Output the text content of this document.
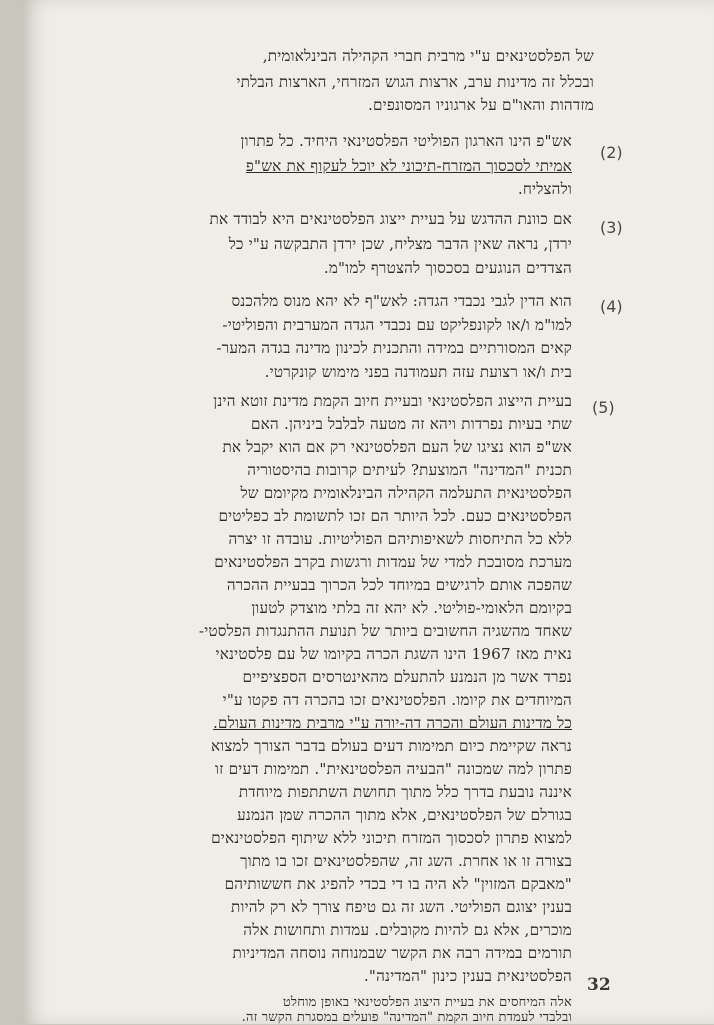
של הפלסטינאים ע"י מרבית חברי הקהילה הבינלאומית,
ובכלל זה מדינות ערב, ארצות הגוש המזרחי, הארצות הבלתי
מזדהות והאו"ם על ארגוניו המסונפים.
(2)
אש"פ הינו הארגון הפוליטי הפלסטינאי היחיד. כל פתרון
אמיתי לסכסוך המזרח-תיכוני לא יוכל לעקוף את אש"פ
ולהצליח.
(3)
אם כוונת ההדגש על בעיית ייצוג הפלסטינאים היא לבודד את
ירדן, נראה שאין הדבר מצליח, שכן ירדן התבקשה ע"י כל
הצדדים הנוגעים בסכסוך להצטרף למו"מ.
(4)
הוא הדין לגבי נכבדי הגדה: לאש"ף לא יהא מנוס מלהכנס
למו"מ ו/או לקונפליקט עם נכבדי הגדה המערבית והפוליטי-
קאים המסורתיים במידה והתכנית לכינון מדינה בגדה המער-
בית ו/או רצועת עזה תעמודנה בפני מימוש קונקרטי.
(5)
בעיית הייצוג הפלסטינאי ובעיית חיוב הקמת מדינת זוטא הינן
שתי בעיות נפרדות ויהא זה מטעה לבלבל ביניהן. האם
אש"פ הוא נציגו של העם הפלסטינאי רק אם הוא יקבל את
תכנית "המדינה" המוצעת? לעיתים קרובות בהיסטוריה
הפלסטינאית התעלמה הקהילה הבינלאומית מקיומם של
הפלסטינאים כעם. לכל היותר הם זכו לתשומת לב כפליטים
ללא כל התיחסות לשאיפותיהם הפוליטיות. עובדה זו יצרה
מערכת מסובכת למדי של עמדות ורגשות בקרב הפלסטינאים
שהפכה אותם לרגישים במיוחד לכל הכרוך בבעיית ההכרה
בקיומם הלאומי-פוליטי. לא יהא זה בלתי מוצדק לטעון
שאחד מהשגיה החשובים ביותר של תנועת ההתנגדות הפלסטי-
נאית מאז 1967 הינו השגת הכרה בקיומו של עם פלסטינאי
נפרד אשר מן הנמנע להתעלם מהאינטרסים הספציפיים
המיוחדים את קיומו. הפלסטינאים זכו בהכרה דה פקטו ע"י
כל מדינות העולם והכרה דה-יורה ע"י מרבית מדינות העולם.
נראה שקיימת כיום תמימות דעים בעולם בדבר הצורך למצוא
פתרון למה שמכונה "הבעיה הפלסטינאית". תמימות דעים זו
איננה נובעת בדרך כלל מתוך תחושת השתתפות מיוחדת
בגורלם של הפלסטינאים, אלא מתוך ההכרה שמן הנמנע
למצוא פתרון לסכסוך המזרח תיכוני ללא שיתוף הפלסטינאים
בצורה זו או אחרת. השג זה, שהפלסטינאים זכו בו מתוך
"מאבקם המזוין" לא היה בו די בכדי להפיג את חששותיהם
בענין יצוגם הפוליטי. השג זה גם טיפח צורך לא רק להיות
מוכרים, אלא גם להיות מקובלים. עמדות ותחושות אלה
תורמים במידה רבה את הקשר שבמנוחה נוסחה המדיניות
הפלסטינאית בענין כינון "המדינה".
אלה המיחסים את בעיית היצוג הפלסטינאי באופן מוחלט
ובלבדי לעמדת חיוב הקמת "המדינה" פועלים במסגרת הקשר זה.
32
